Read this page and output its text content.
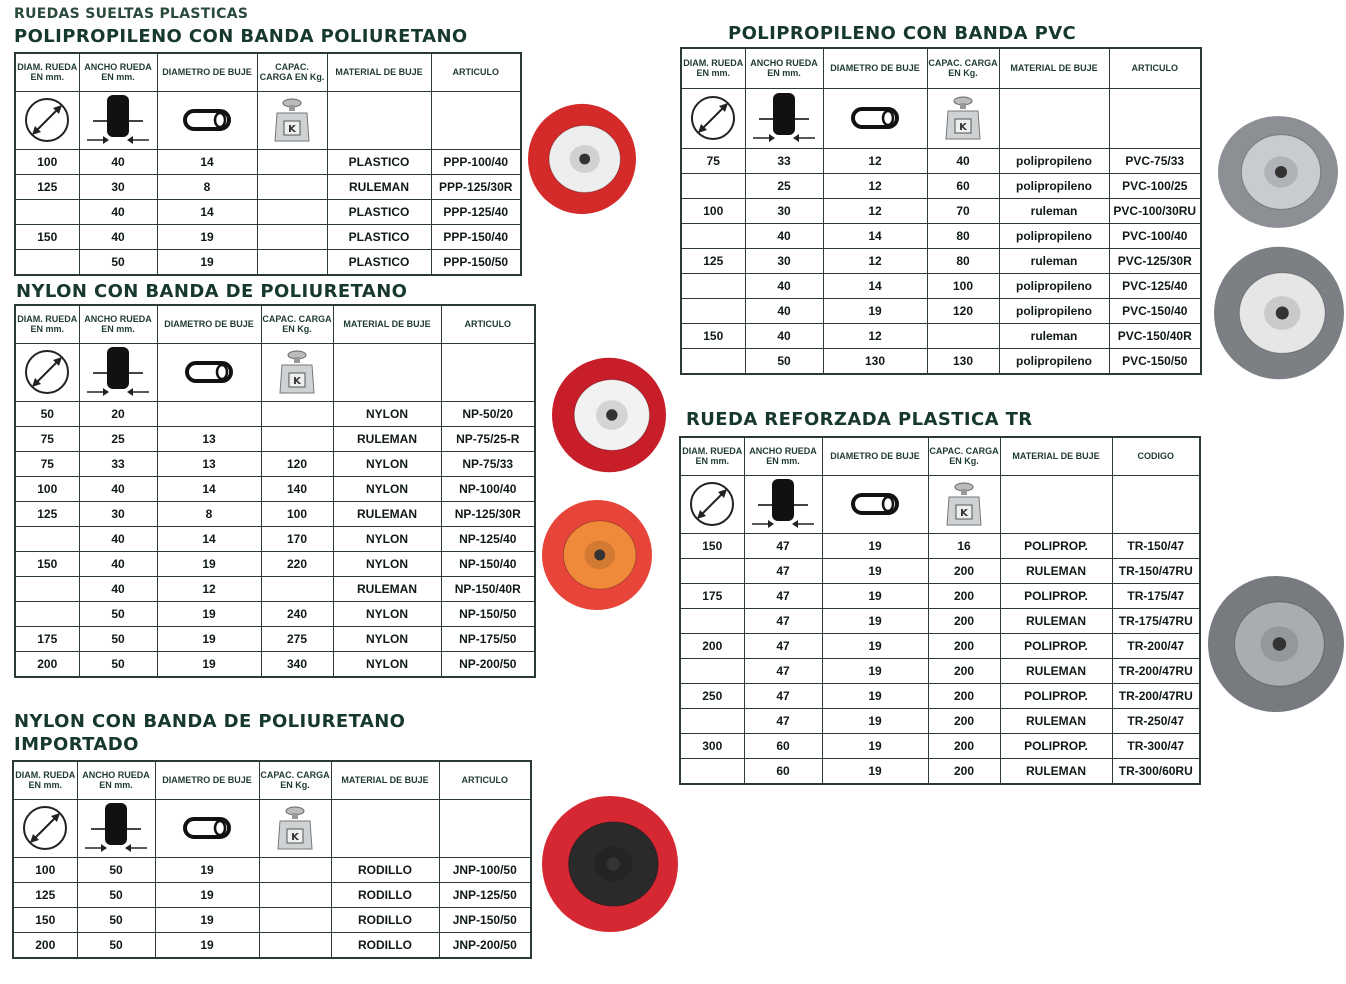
RUEDAS SUELTAS PLASTICAS
POLIPROPILENO CON BANDA POLIURETANO
NYLON CON BANDA DE POLIURETANO
NYLON CON BANDA DE POLIURETANO
IMPORTADO
POLIPROPILENO CON BANDA PVC
RUEDA REFORZADA PLASTICA TR
DIAM. RUEDA EN mm.	ANCHO RUEDA EN mm.	DIAMETRO DE BUJE	CAPAC. CARGA EN Kg.	MATERIAL DE BUJE	ARTICULO

K		

100	40	14		PLASTICO	PPP-100/40
125	30	8		RULEMAN	PPP-125/30R
	40	14		PLASTICO	PPP-125/40
150	40	19		PLASTICO	PPP-150/40
	50	19		PLASTICO	PPP-150/50
DIAM. RUEDA EN mm.	ANCHO RUEDA EN mm.	DIAMETRO DE BUJE	CAPAC. CARGA EN Kg.	MATERIAL DE BUJE	ARTICULO

K		

50	20			NYLON	NP-50/20
75	25	13		RULEMAN	NP-75/25-R
75	33	13	120	NYLON	NP-75/33
100	40	14	140	NYLON	NP-100/40
125	30	8	100	RULEMAN	NP-125/30R
	40	14	170	NYLON	NP-125/40
150	40	19	220	NYLON	NP-150/40
	40	12		RULEMAN	NP-150/40R
	50	19	240	NYLON	NP-150/50
175	50	19	275	NYLON	NP-175/50
200	50	19	340	NYLON	NP-200/50
DIAM. RUEDA EN mm.	ANCHO RUEDA EN mm.	DIAMETRO DE BUJE	CAPAC. CARGA EN Kg.	MATERIAL DE BUJE	ARTICULO

K		

100	50	19		RODILLO	JNP-100/50
125	50	19		RODILLO	JNP-125/50
150	50	19		RODILLO	JNP-150/50
200	50	19		RODILLO	JNP-200/50
DIAM. RUEDA EN mm.	ANCHO RUEDA EN mm.	DIAMETRO DE BUJE	CAPAC. CARGA EN Kg.	MATERIAL DE BUJE	ARTICULO

K		

75	33	12	40	polipropileno	PVC-75/33
	25	12	60	polipropileno	PVC-100/25
100	30	12	70	ruleman	PVC-100/30RU
	40	14	80	polipropileno	PVC-100/40
125	30	12	80	ruleman	PVC-125/30R
	40	14	100	polipropileno	PVC-125/40
	40	19	120	polipropileno	PVC-150/40
150	40	12		ruleman	PVC-150/40R
	50	130	130	polipropileno	PVC-150/50
DIAM. RUEDA EN mm.	ANCHO RUEDA EN mm.	DIAMETRO DE BUJE	CAPAC. CARGA EN Kg.	MATERIAL DE BUJE	CODIGO

K		

150	47	19	16	POLIPROP.	TR-150/47
	47	19	200	RULEMAN	TR-150/47RU
175	47	19	200	POLIPROP.	TR-175/47
	47	19	200	RULEMAN	TR-175/47RU
200	47	19	200	POLIPROP.	TR-200/47
	47	19	200	RULEMAN	TR-200/47RU
250	47	19	200	POLIPROP.	TR-200/47RU
	47	19	200	RULEMAN	TR-250/47
300	60	19	200	POLIPROP.	TR-300/47
	60	19	200	RULEMAN	TR-300/60RU
